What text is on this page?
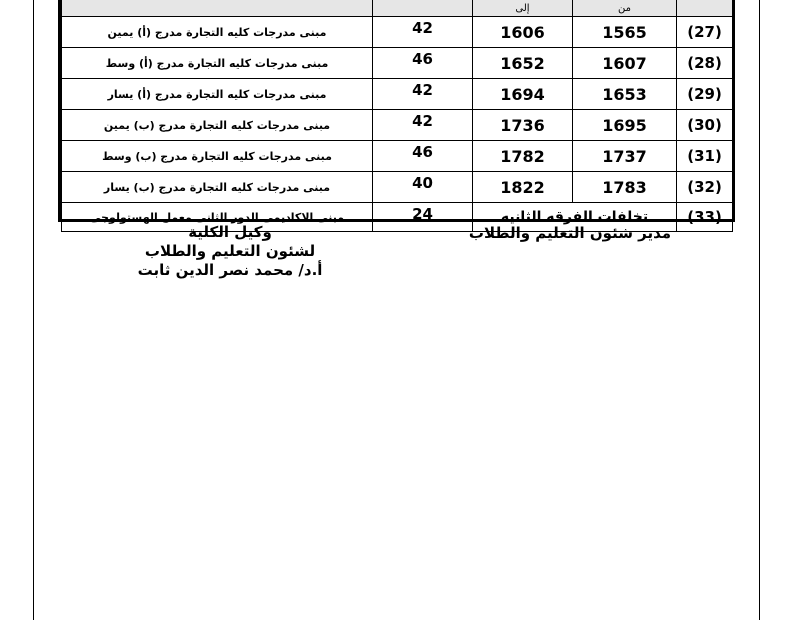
	من	إلى		

(27)	1565	1606	42	مبنى مدرجات كليه التجارة مدرج (أ) يمين
(28)	1607	1652	46	مبنى مدرجات كليه التجارة مدرج (أ) وسط
(29)	1653	1694	42	مبنى مدرجات كليه التجارة مدرج (أ) يسار
(30)	1695	1736	42	مبنى مدرجات كليه التجارة مدرج (ب) يمين
(31)	1737	1782	46	مبنى مدرجات كليه التجارة مدرج (ب) وسط
(32)	1783	1822	40	مبنى مدرجات كليه التجارة مدرج (ب) يسار
(33)	تخلفات الفرقه الثانيه		24	مبنى الاكاديمى الدور الثانى معمل الهستولوجى
مدير شئون التعليم والطلاب
وكيل الكلية
لشئون التعليم والطلاب
أ.د/ محمد نصر الدين ثابت
